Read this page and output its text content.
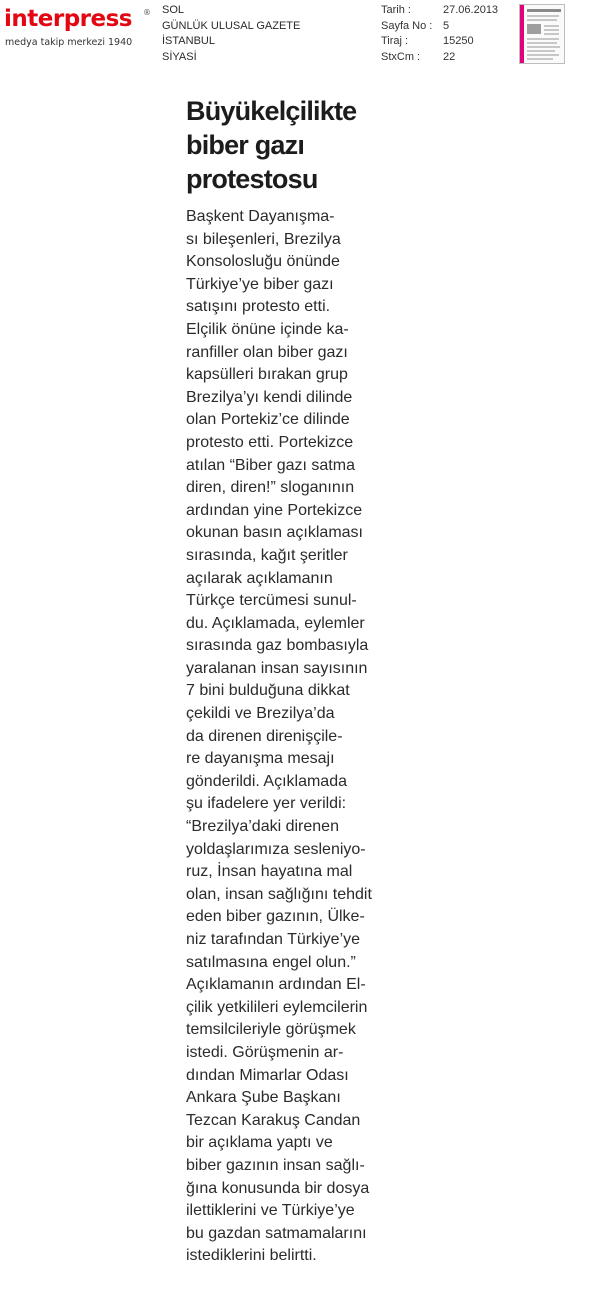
interpress ®
medya takip merkezi 1940
SOL
GÜNLÜK ULUSAL GAZETE
İSTANBUL
SİYASİ
Tarih :	27.06.2013
Sayfa No : 5
Tiraj :	15250
StxCm : 22
Büyükelçilikte
biber gazı
protestosu
Başkent Dayanışma-
sı bileşenleri, Brezilya
Konsolosluğu önünde
Türkiye’ye biber gazı
satışını protesto etti.
Elçilik önüne içinde ka-
ranfiller olan biber gazı
kapsülleri bırakan grup
Brezilya’yı kendi dilinde
olan Portekiz’ce dilinde
protesto etti. Portekizce
atılan “Biber gazı satma
diren, diren!” sloganının
ardından yine Portekizce
okunan basın açıklaması
sırasında, kağıt şeritler
açılarak açıklamanın
Türkçe tercümesi sunul-
du. Açıklamada, eylemler
sırasında gaz bombasıyla
yaralanan insan sayısının
7 bini bulduğuna dikkat
çekildi ve Brezilya’da
da direnen direnişçile-
re dayanışma mesajı
gönderildi. Açıklamada
şu ifadelere yer verildi:
“Brezilya’daki direnen
yoldaşlarımıza sesleniyo-
ruz, İnsan hayatına mal
olan, insan sağlığını tehdit
eden biber gazının, Ülke-
niz tarafından Türkiye’ye
satılmasına engel olun.”
Açıklamanın ardından El-
çilik yetkilileri eylemcilerin
temsilcileriyle görüşmek
istedi. Görüşmenin ar-
dından Mimarlar Odası
Ankara Şube Başkanı
Tezcan Karakuş Candan
bir açıklama yaptı ve
biber gazının insan sağlı-
ğına konusunda bir dosya
ilettiklerini ve Türkiye’ye
bu gazdan satmamalarını
istediklerini belirtti.
